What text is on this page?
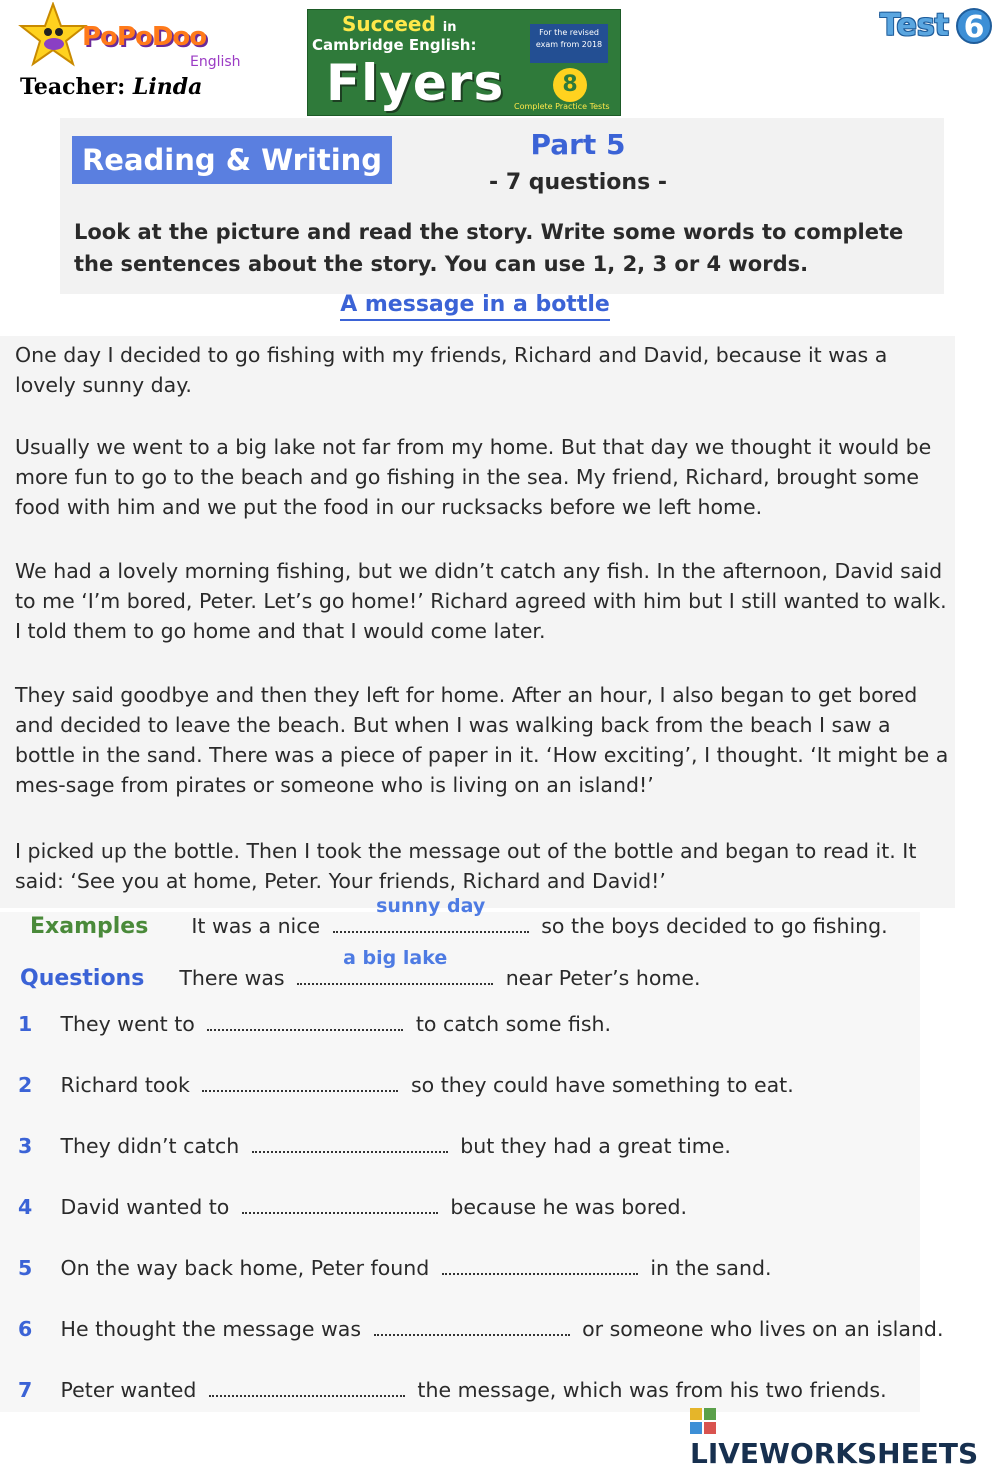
PoPoDoo
English
Teacher: Linda
Succeed in
Cambridge English:
Flyers
For the revised
exam from 2018
8
Complete Practice Tests
Test 6
Reading & Writing	Part 5
- 7 questions -
Look at the picture and read the story. Write some words to complete the sentences about the story. You can use 1, 2, 3 or 4 words.
A message in a bottle
One day I decided to go fishing with my friends, Richard and David, because it was a lovely sunny day.
Usually we went to a big lake not far from my home. But that day we thought it would be more fun to go to the beach and go fishing in the sea. My friend, Richard, brought some food with him and we put the food in our rucksacks before we left home.
We had a lovely morning fishing, but we didn’t catch any fish. In the afternoon, David said to me ‘I’m bored, Peter. Let’s go home!’ Richard agreed with him but I still wanted to walk. I told them to go home and that I would come later.
They said goodbye and then they left for home. After an hour, I also began to get bored and decided to leave the beach. But when I was walking back from the beach I saw a bottle in the sand. There was a piece of paper in it. ‘How exciting’, I thought. ‘It might be a mes-sage from pirates or someone who is living on an island!’
I picked up the bottle. Then I took the message out of the bottle and began to read it. It said: ‘See you at home, Peter. Your friends, Richard and David!’
Examples It was a nice
sunny day
so the boys decided to go fishing.
Questions There was
a big lake
near Peter’s home.
1 They went to	to catch some fish.
2 Richard took	so they could have something to eat.
3 They didn’t catch	but they had a great time.
4 David wanted to	because he was bored.
5 On the way back home, Peter found	in the sand.
6 He thought the message was	or someone who lives on an island.
7 Peter wanted	the message, which was from his two friends.
LIVEWORKSHEETS
